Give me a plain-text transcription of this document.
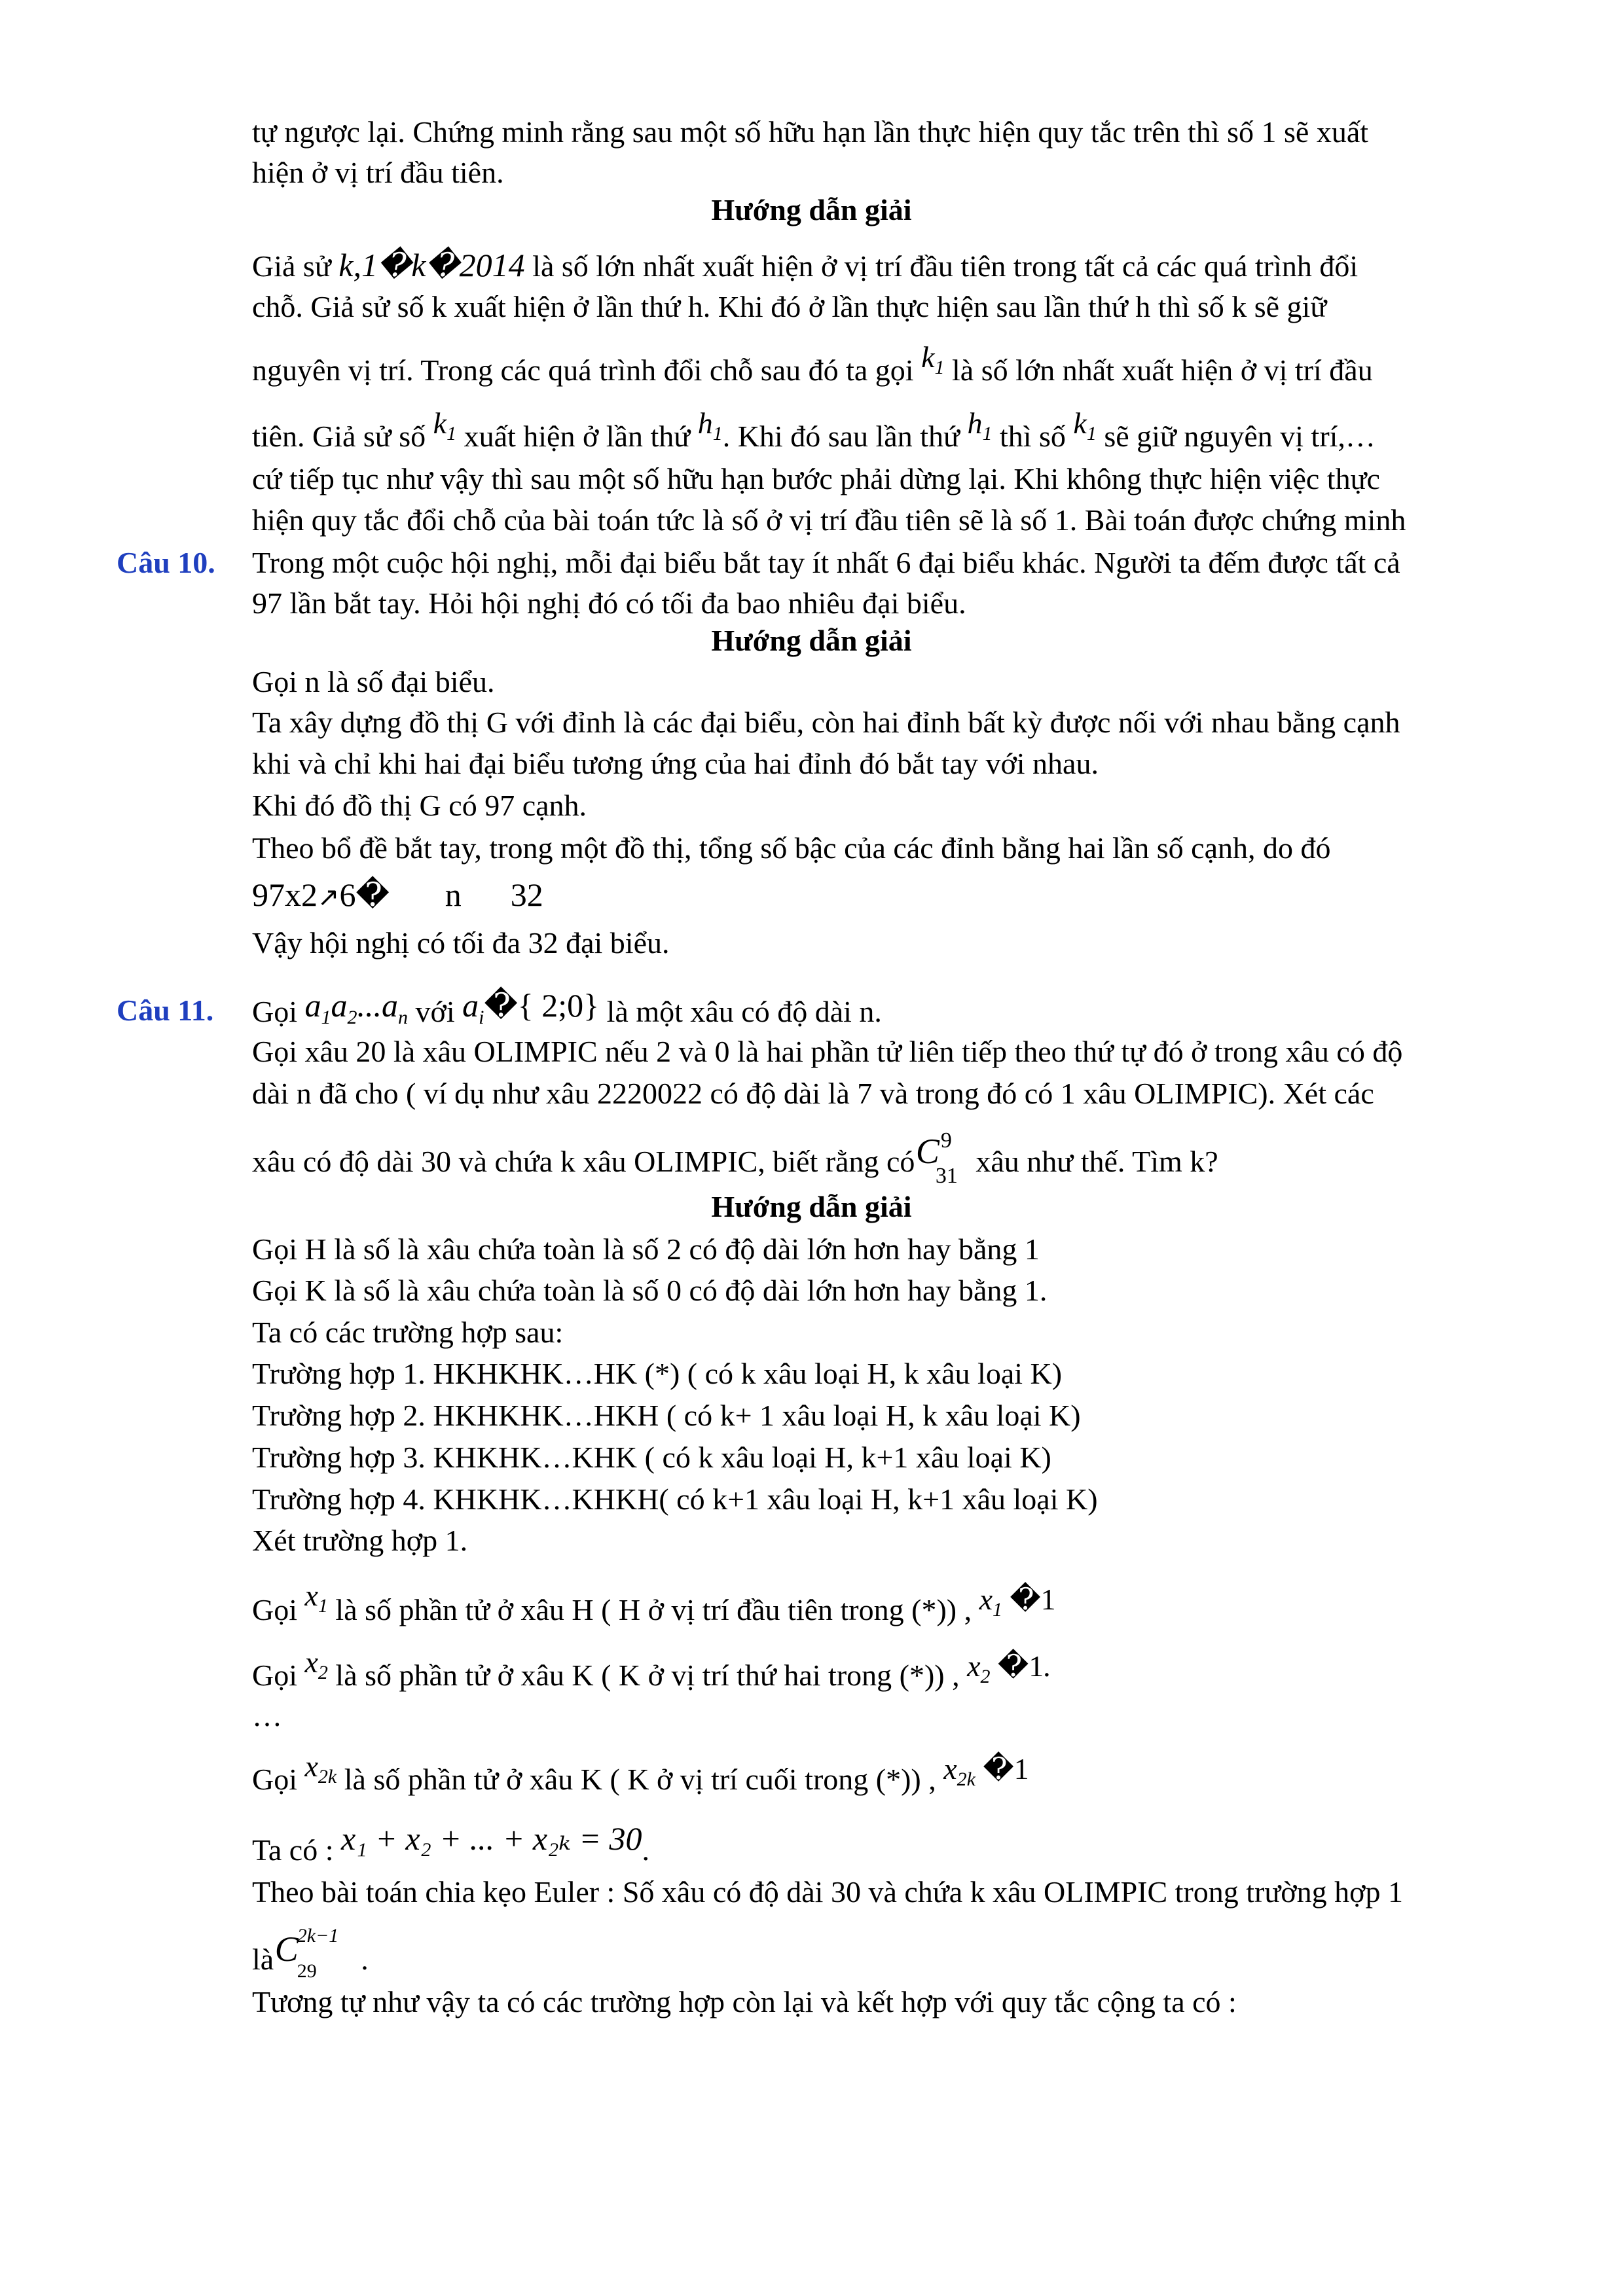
tự ngược lại. Chứng minh rằng sau một số hữu hạn lần thực hiện quy tắc trên thì số 1 sẽ xuất
hiện ở vị trí đầu tiên.
Hướng dẫn giải
Giả sử k,1�k�2014 là số lớn nhất xuất hiện ở vị trí đầu tiên trong tất cả các quá trình đổi
chỗ. Giả sử số k xuất hiện ở lần thứ h. Khi đó ở lần thực hiện sau lần thứ h thì số k sẽ giữ
nguyên vị trí. Trong các quá trình đổi chỗ sau đó ta gọi $k_1$ là số lớn nhất xuất hiện ở vị trí đầu
tiên. Giả sử số $k_1$ xuất hiện ở lần thứ $h_1$. Khi đó sau lần thứ $h_1$ thì số $k_1$ sẽ giữ nguyên vị trí,…
cứ tiếp tục như vậy thì sau một số hữu hạn bước phải dừng lại. Khi không thực hiện việc thực
hiện quy tắc đổi chỗ của bài toán tức là số ở vị trí đầu tiên sẽ là số 1. Bài toán được chứng minh
Câu 10. Trong một cuộc hội nghị, mỗi đại biểu bắt tay ít nhất 6 đại biểu khác. Người ta đếm được tất cả
97 lần bắt tay. Hỏi hội nghị đó có tối đa bao nhiêu đại biểu.
Hướng dẫn giải
Gọi n là số đại biểu.
Ta xây dựng đồ thị G với đỉnh là các đại biểu, còn hai đỉnh bất kỳ được nối với nhau bằng cạnh
khi và chỉ khi hai đại biểu tương ứng của hai đỉnh đó bắt tay với nhau.
Khi đó đồ thị G có 97 cạnh.
Theo bổ đề bắt tay, trong một đồ thị, tổng số bậc của các đỉnh bằng hai lần số cạnh, do đó
97x2↗6� n 32
Vậy hội nghị có tối đa 32 đại biểu.
Câu 11. Gọi $a_1a_2...a_n$ với $a_i�${ 2;0} là một xâu có độ dài n.
Gọi xâu 20 là xâu OLIMPIC nếu 2 và 0 là hai phần tử liên tiếp theo thứ tự đó ở trong xâu có độ
dài n đã cho ( ví dụ như xâu 2220022 có độ dài là 7 và trong đó có 1 xâu OLIMPIC). Xét các
xâu có độ dài 30 và chứa k xâu OLIMPIC, biết rằng có C 9
31 xâu như thế. Tìm k?
Hướng dẫn giải
Gọi H là số là xâu chứa toàn là số 2 có độ dài lớn hơn hay bằng 1
Gọi K là số là xâu chứa toàn là số 0 có độ dài lớn hơn hay bằng 1.
Ta có các trường hợp sau:
Trường hợp 1. HKHKHK…HK (*) ( có k xâu loại H, k xâu loại K)
Trường hợp 2. HKHKHK…HKH ( có k+ 1 xâu loại H, k xâu loại K)
Trường hợp 3. KHKHK…KHK ( có k xâu loại H, k+1 xâu loại K)
Trường hợp 4. KHKHK…KHKH( có k+1 xâu loại H, k+1 xâu loại K)
Xét trường hợp 1.
Gọi $x_1$ là số phần tử ở xâu H ( H ở vị trí đầu tiên trong (*)) , $x_1$ �1
Gọi $x_2$ là số phần tử ở xâu K ( K ở vị trí thứ hai trong (*)) , $x_2$ �1.
…
Gọi $x_{2k}$ là số phần tử ở xâu K ( K ở vị trí cuối trong (*)) , $x_{2k}$ �1
Ta có : x₁ + x₂ + ... + x₂ₖ = 30.
Theo bài toán chia kẹo Euler : Số xâu có độ dài 30 và chứa k xâu OLIMPIC trong trường hợp 1
là C
2k−1
29 .
Tương tự như vậy ta có các trường hợp còn lại và kết hợp với quy tắc cộng ta có :
